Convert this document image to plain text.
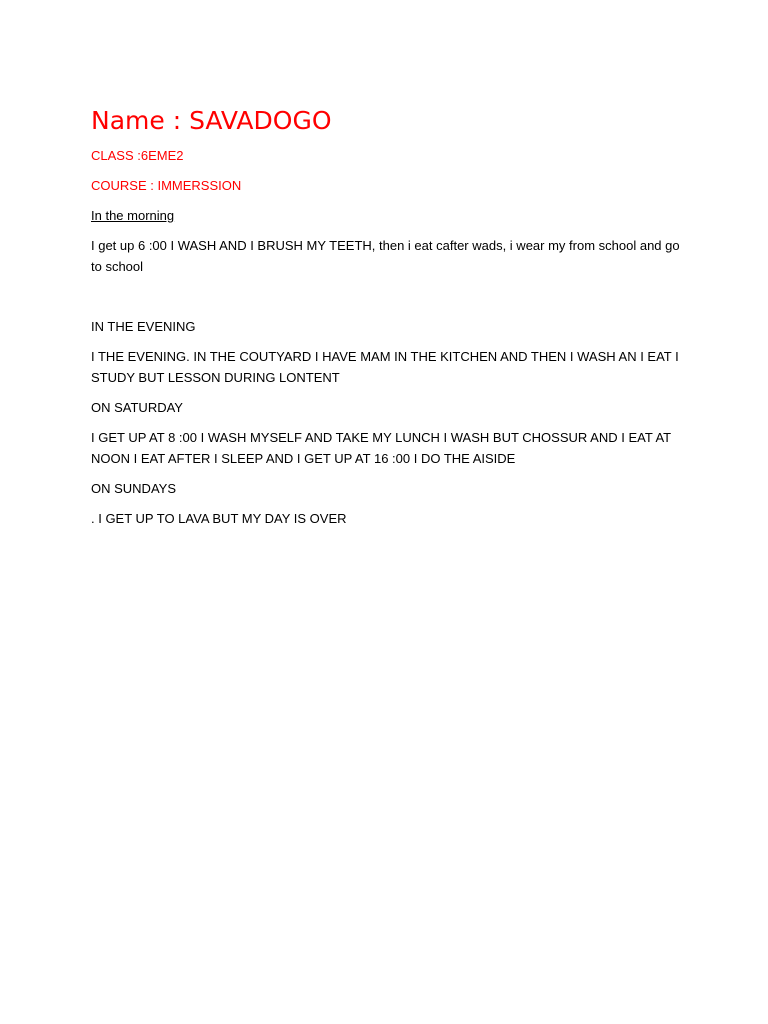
Name : SAVADOGO
CLASS :6EME2
COURSE : IMMERSSION
In the morning
I get up 6 :00 I WASH AND I BRUSH MY TEETH, then i eat cafter wads, i wear my from school and go to school
IN THE EVENING
I THE EVENING. IN THE COUTYARD I HAVE MAM IN THE KITCHEN AND THEN I WASH AN I EAT I STUDY BUT LESSON DURING LONTENT
ON SATURDAY
I GET UP AT 8 :00 I WASH MYSELF AND TAKE MY LUNCH I WASH BUT CHOSSUR AND I EAT AT NOON I EAT AFTER I SLEEP AND I GET UP AT 16 :00 I DO THE AISIDE
ON SUNDAYS
. I GET UP TO LAVA BUT MY DAY IS OVER
